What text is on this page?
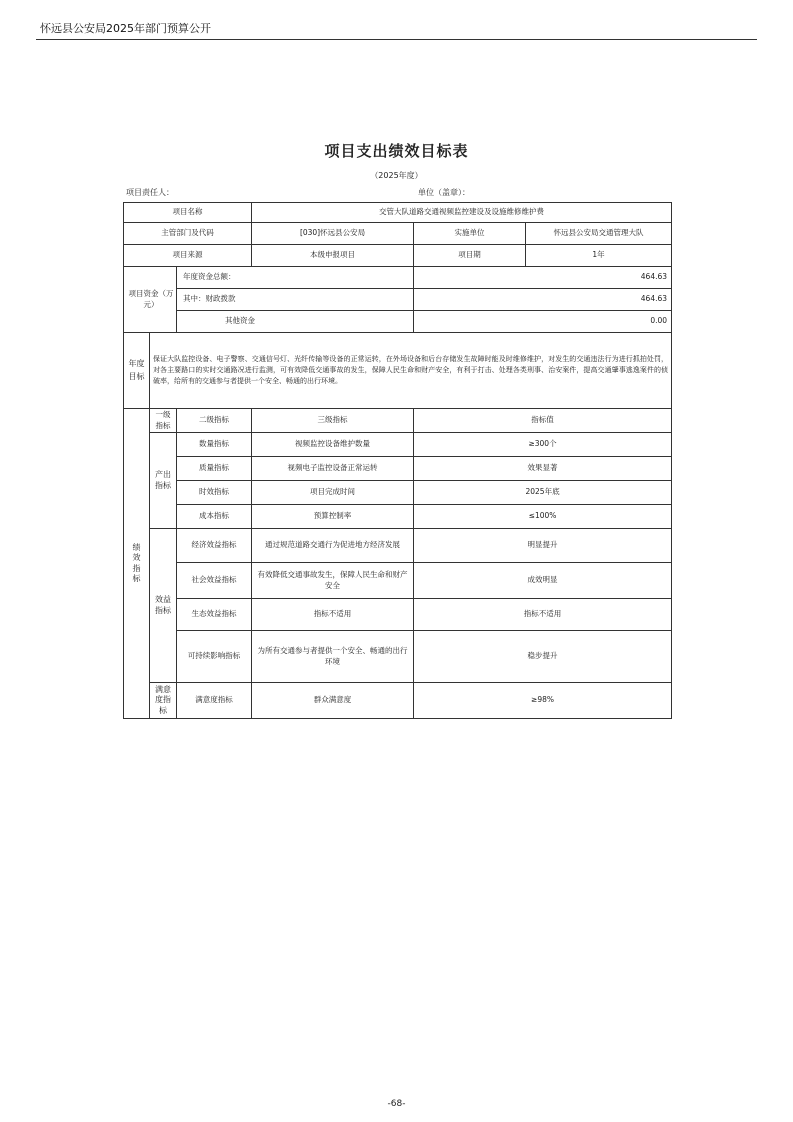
怀远县公安局2025年部门预算公开
项目支出绩效目标表
（2025年度）
项目责任人：	单位（盖章）：
项目名称			交管大队道路交通视频监控建设及设施维修维护费		
主管部门及代码			[030]怀远县公安局	实施单位	怀远县公安局交通管理大队
项目来源			本级申报项目	项目期	1年
项目资金（万元）		年度资金总额：		464.63	
		其中：财政拨款		464.63	
		其他资金		0.00	
年度目标	保证大队监控设备、电子警察、交通信号灯、光纤传输等设备的正常运转，在外场设备和后台存储发生故障时能及时维修维护，对发生的交通违法行为进行抓拍处罚，对各主要路口的实时交通路况进行监测，可有效降低交通事故的发生，保障人民生命和财产安全，有利于打击、处理各类刑事、治安案件，提高交通肇事逃逸案件的侦破率，给所有的交通参与者提供一个安全、畅通的出行环境。				
绩效指标	一级指标	二级指标	三级指标	指标值	
	产出指标	数量指标	视频监控设备维护数量	≥300个	
		质量指标	视频电子监控设备正常运转	效果显著	
		时效指标	项目完成时间	2025年底	
		成本指标	预算控制率	≤100%	
	效益指标	经济效益指标	通过规范道路交通行为促进地方经济发展	明显提升	
		社会效益指标	有效降低交通事故发生，保障人民生命和财产安全	成效明显	
		生态效益指标	指标不适用	指标不适用	
		可持续影响指标	为所有交通参与者提供一个安全、畅通的出行环境	稳步提升	
	满意度指标	满意度指标	群众满意度	≥98%	
-68-
